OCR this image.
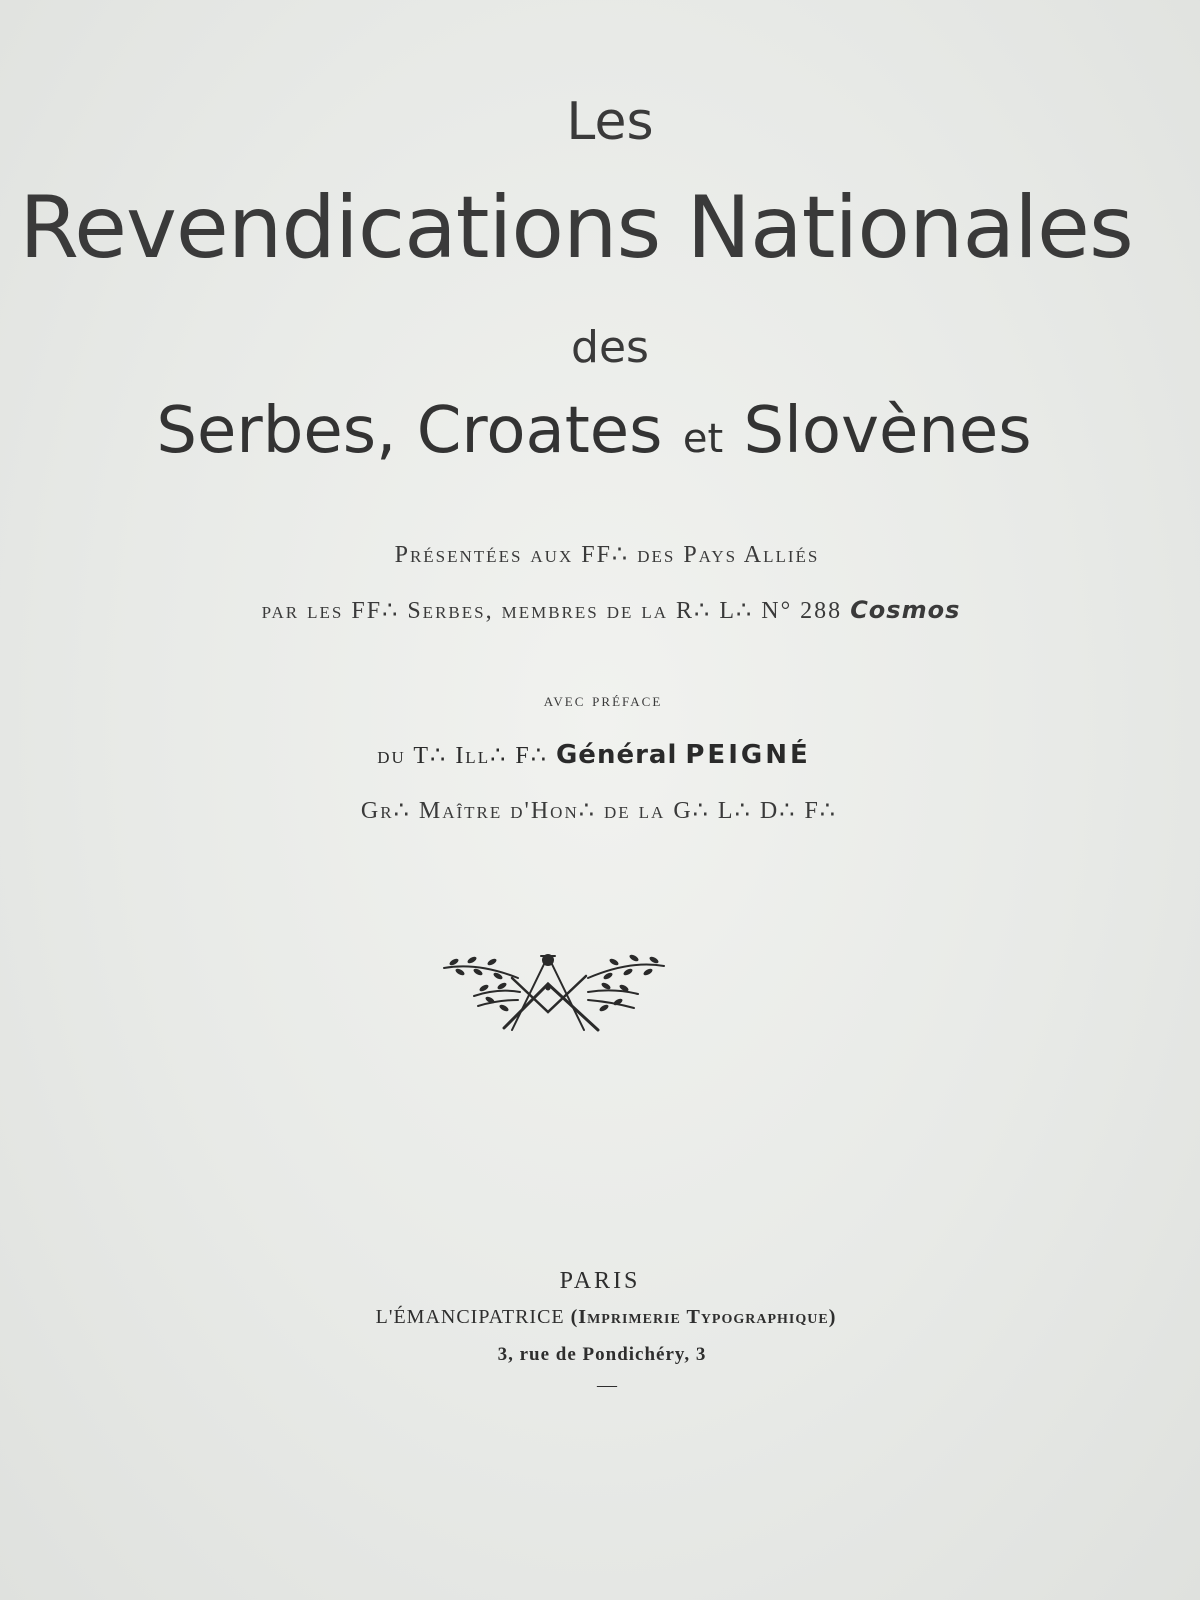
Les
Revendications Nationales
des
Serbes, Croates et Slovènes
Présentées aux FF∴ des Pays Alliés
par les FF∴ Serbes, membres de la R∴ L∴ N° 288 Cosmos
avec préface
du T∴ Ill∴ F∴ Général PEIGNÉ
Gr∴ Maître d'Hon∴ de la G∴ L∴ D∴ F∴
PARIS
L'ÉMANCIPATRICE (Imprimerie Typographique)
3, rue de Pondichéry, 3
—
